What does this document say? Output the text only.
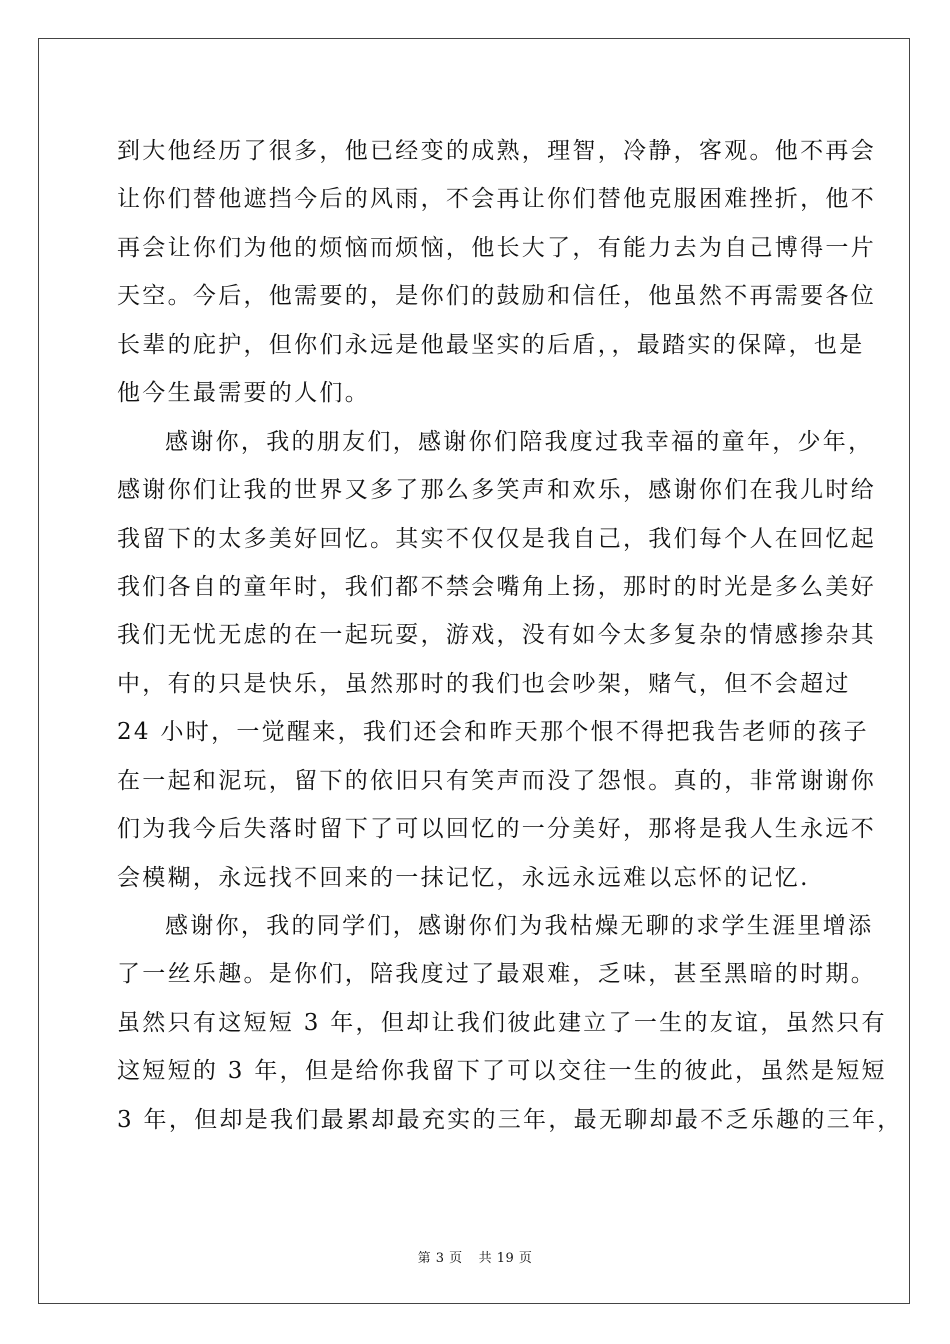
到大他经历了很多，他已经变的成熟，理智，冷静，客观。他不再会
让你们替他遮挡今后的风雨，不会再让你们替他克服困难挫折，他不
再会让你们为他的烦恼而烦恼，他长大了，有能力去为自己博得一片
天空。今后，他需要的，是你们的鼓励和信任，他虽然不再需要各位
长辈的庇护，但你们永远是他最坚实的后盾，，最踏实的保障，也是
他今生最需要的人们。
感谢你，我的朋友们，感谢你们陪我度过我幸福的童年，少年，
感谢你们让我的世界又多了那么多笑声和欢乐，感谢你们在我儿时给
我留下的太多美好回忆。其实不仅仅是我自己，我们每个人在回忆起
我们各自的童年时，我们都不禁会嘴角上扬，那时的时光是多么美好
我们无忧无虑的在一起玩耍，游戏，没有如今太多复杂的情感掺杂其
中，有的只是快乐，虽然那时的我们也会吵架，赌气，但不会超过
24 小时，一觉醒来，我们还会和昨天那个恨不得把我告老师的孩子
在一起和泥玩，留下的依旧只有笑声而没了怨恨。真的，非常谢谢你
们为我今后失落时留下了可以回忆的一分美好，那将是我人生永远不
会模糊，永远找不回来的一抹记忆，永远永远难以忘怀的记忆.
感谢你，我的同学们，感谢你们为我枯燥无聊的求学生涯里增添
了一丝乐趣。是你们，陪我度过了最艰难，乏味，甚至黑暗的时期。
虽然只有这短短 3 年，但却让我们彼此建立了一生的友谊，虽然只有
这短短的 3 年，但是给你我留下了可以交往一生的彼此，虽然是短短
3 年，但却是我们最累却最充实的三年，最无聊却最不乏乐趣的三年，
第 3 页 共 19 页
